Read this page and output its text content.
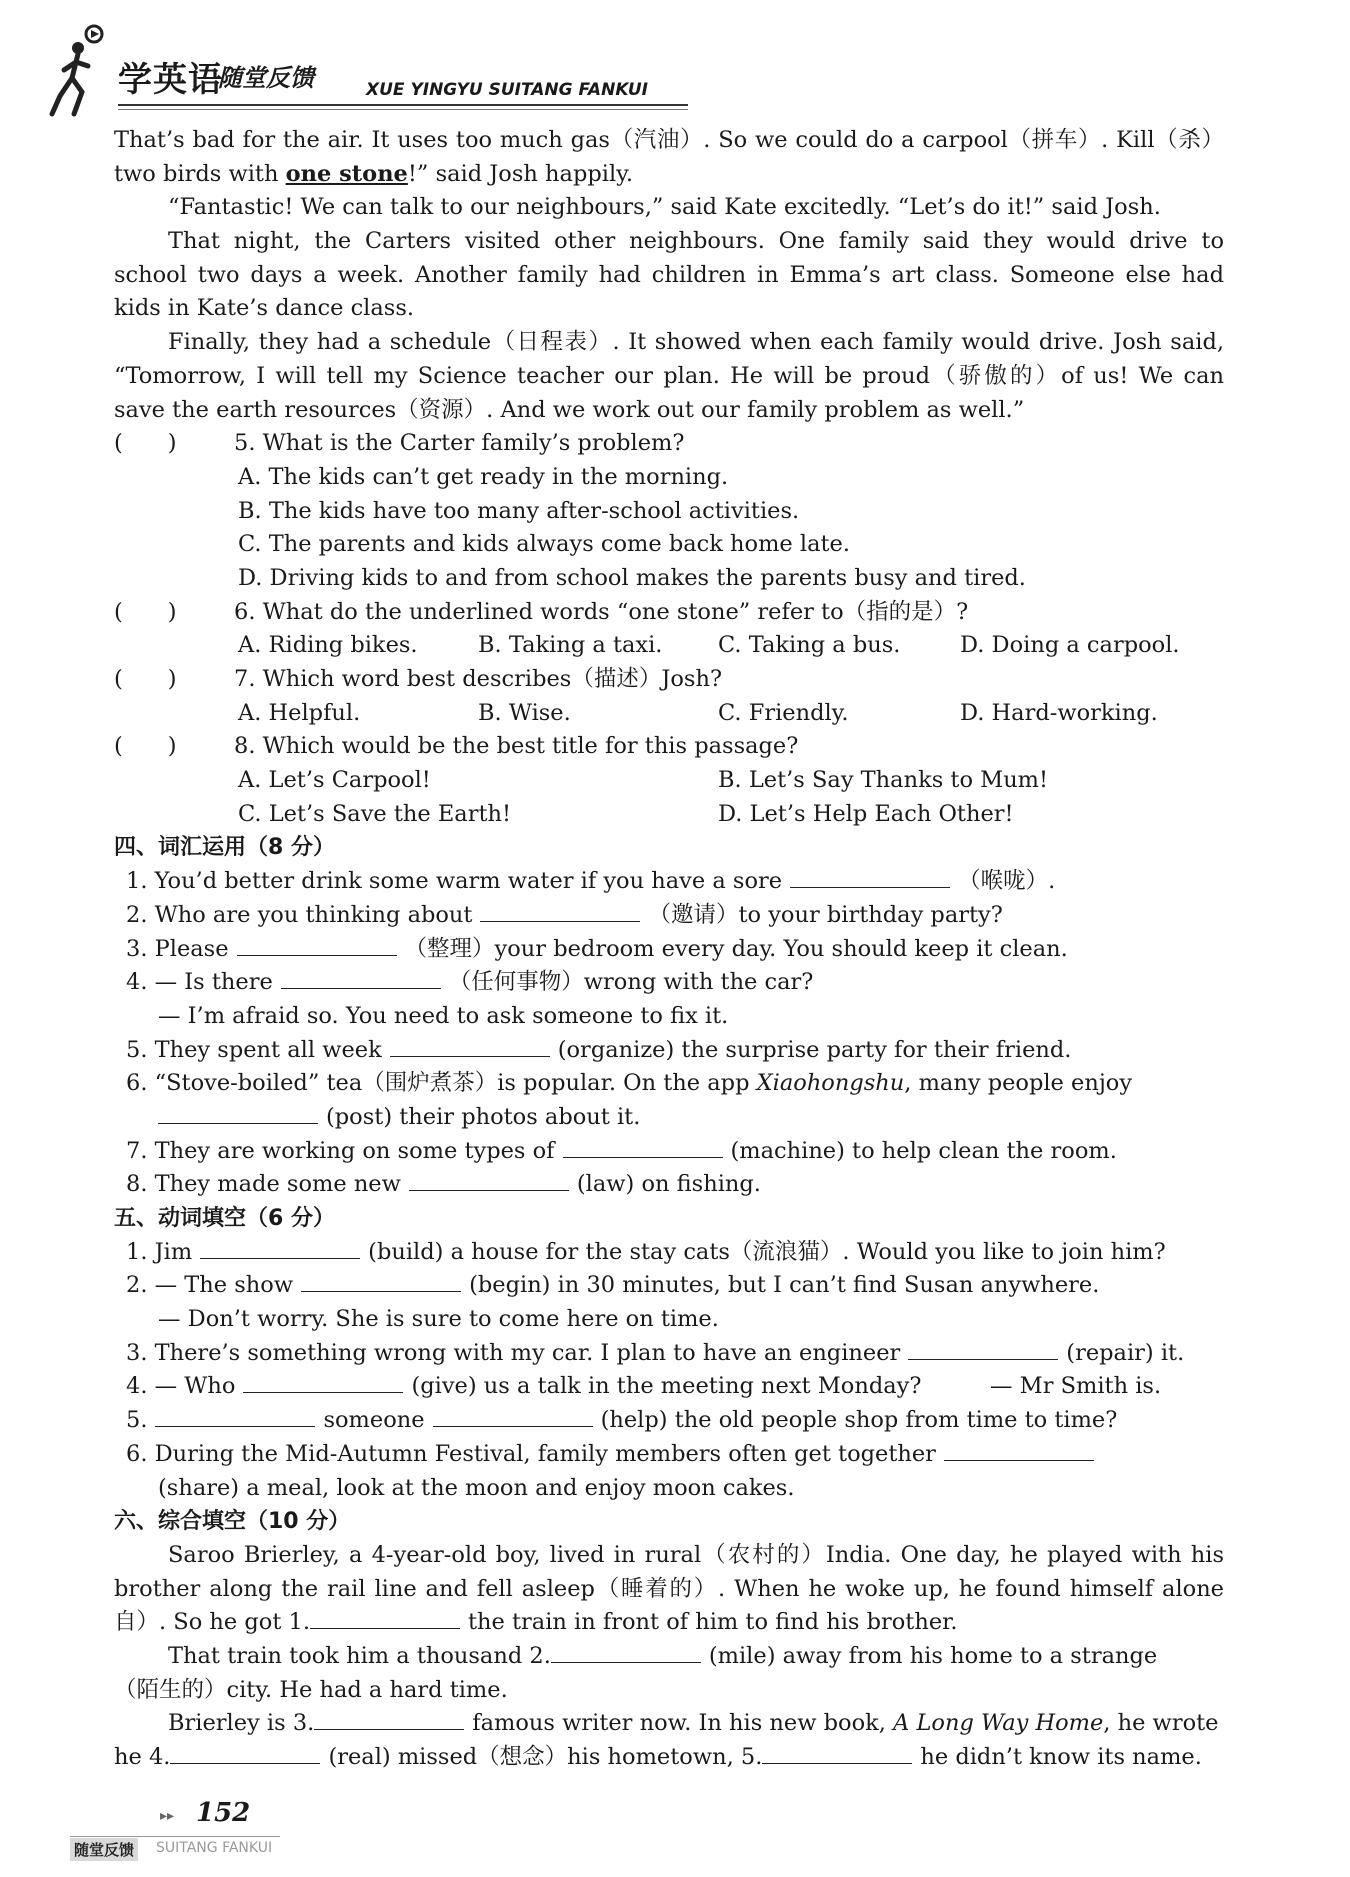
学英语
随堂反馈	XUE YINGYU SUITANG FANKUI
That’s bad for the air. It uses too much gas（汽油）. So we could do a carpool（拼车）. Kill（杀）
two birds with one stone!” said Josh happily.
“Fantastic! We can talk to our neighbours,” said Kate excitedly. “Let’s do it!” said Josh.
That night, the Carters visited other neighbours. One family said they would drive to
school two days a week. Another family had children in Emma’s art class. Someone else had
kids in Kate’s dance class.
Finally, they had a schedule（日程表）. It showed when each family would drive. Josh said,
“Tomorrow, I will tell my Science teacher our plan. He will be proud（骄傲的）of us! We can
save the earth resources（资源）. And we work out our family problem as well.”
(　　)	5. What is the Carter family’s problem?
A. The kids can’t get ready in the morning.
B. The kids have too many after-school activities.
C. The parents and kids always come back home late.
D. Driving kids to and from school makes the parents busy and tired.
(　　)	6. What do the underlined words “one stone” refer to（指的是）?
A. Riding bikes.	B. Taking a taxi. C. Taking a bus.	D. Doing a carpool.
(　　)	7. Which word best describes（描述）Josh?
A. Helpful.	B. Wise.	C. Friendly.	D. Hard-working.
(　　)	8. Which would be the best title for this passage?
A. Let’s Carpool!	B. Let’s Say Thanks to Mum!
C. Let’s Save the Earth!	D. Let’s Help Each Other!
四、词汇运用（8 分）
1. You’d better drink some warm water if you have a sore	（喉咙）.
2. Who are you thinking about	（邀请）to your birthday party?
3. Please	（整理）your bedroom every day. You should keep it clean.
4. — Is there	（任何事物）wrong with the car?
— I’m afraid so. You need to ask someone to fix it.
5. They spent all week	(organize) the surprise party for their friend.
6. “Stove-boiled” tea（围炉煮茶）is popular. On the app Xiaohongshu, many people enjoy
(post) their photos about it.
7. They are working on some types of	(machine) to help clean the room.
8. They made some new	(law) on fishing.
五、动词填空（6 分）
1. Jim	(build) a house for the stay cats（流浪猫）. Would you like to join him?
2. — The show	(begin) in 30 minutes, but I can’t find Susan anywhere.
— Don’t worry. She is sure to come here on time.
3. There’s something wrong with my car. I plan to have an engineer	(repair) it.
4. — Who	(give) us a talk in the meeting next Monday?	— Mr Smith is.
5.	someone	(help) the old people shop from time to time?
6. During the Mid-Autumn Festival, family members often get together
(share) a meal, look at the moon and enjoy moon cakes.
六、综合填空（10 分）
Saroo Brierley, a 4-year-old boy, lived in rural（农村的）India. One day, he played with his
brother along the rail line and fell asleep（睡着的）. When he woke up, he found himself alone
自）. So he got 1.	the train in front of him to find his brother.
That train took him a thousand 2.	(mile) away from his home to a strange
（陌生的）city. He had a hard time.
Brierley is 3.	famous writer now. In his new book, A Long Way Home, he wrote
he 4.	(real) missed（想念）his hometown, 5.	he didn’t know its name.
▸▸ 152
随堂反馈 SUITANG FANKUI
